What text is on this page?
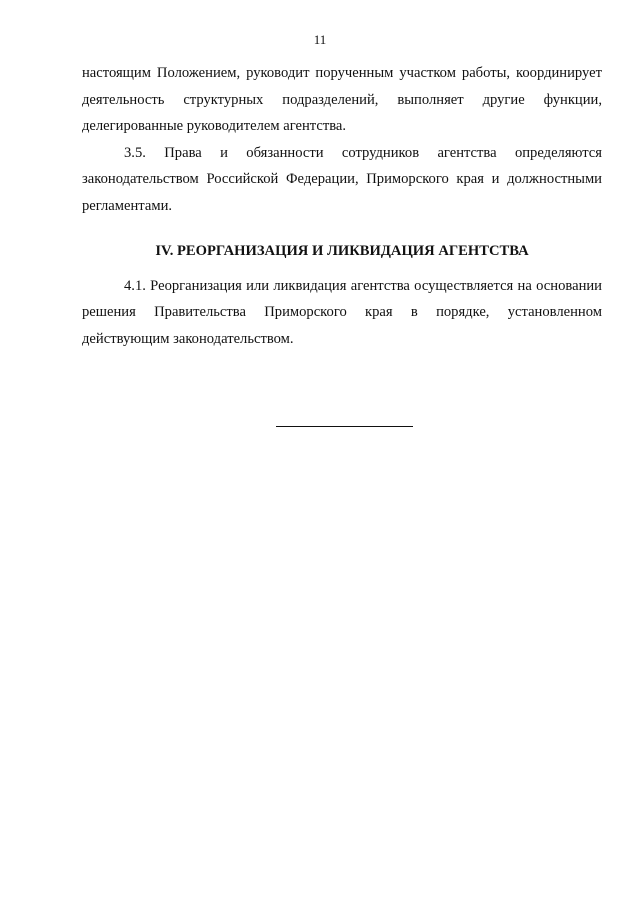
11

настоящим Положением, руководит порученным участком работы, координирует деятельность структурных подразделений, выполняет другие функции, делегированные руководителем агентства.

3.5. Права и обязанности сотрудников агентства определяются законодательством Российской Федерации, Приморского края и должностными регламентами.

IV. РЕОРГАНИЗАЦИЯ И ЛИКВИДАЦИЯ АГЕНТСТВА

4.1. Реорганизация или ликвидация агентства осуществляется на основании решения Правительства Приморского края в порядке, установленном действующим законодательством.
